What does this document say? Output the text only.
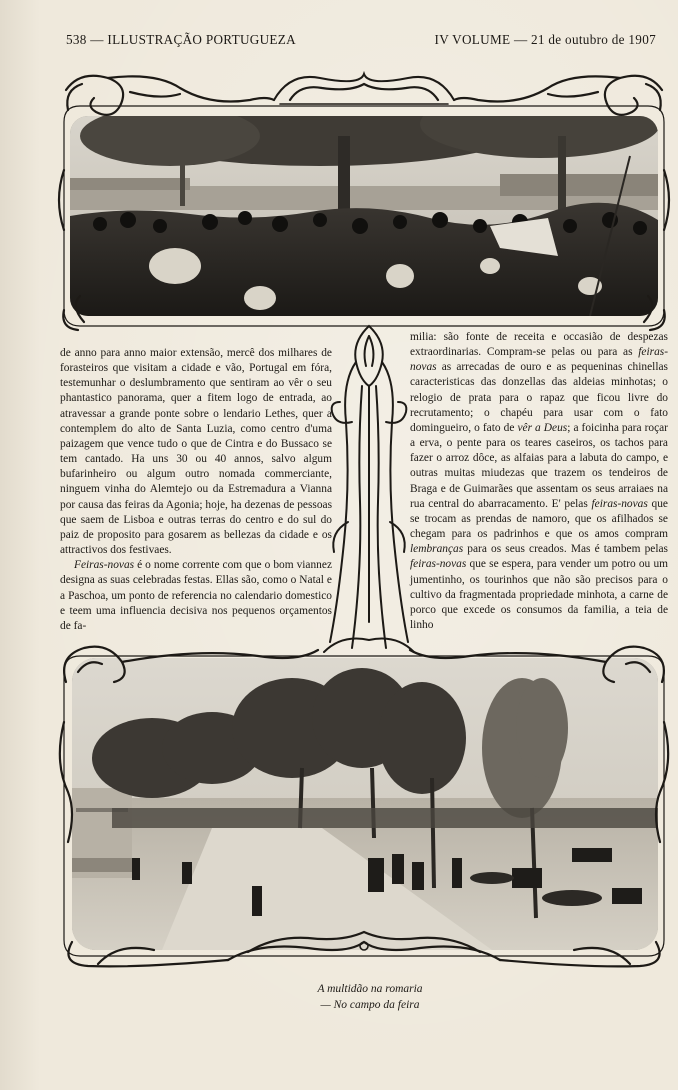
538 — ILLUSTRAÇÃO PORTUGUEZA	IV VOLUME — 21 de outubro de 1907

de anno para anno maior extensão, mercê dos milhares de forasteiros que visitam a cidade e vão, Portugal em fóra, testemunhar o deslumbramento que sentiram ao vêr o seu phantastico panorama, quer a fitem logo de entrada, ao atravessar a grande ponte sobre o lendario Lethes, quer a contemplem do alto de Santa Luzia, como centro d'uma paizagem que vence tudo o que de Cintra e do Bussaco se tem cantado. Ha uns 30 ou 40 annos, salvo algum bufarinheiro ou algum outro nomada commerciante, ninguem vinha do Alemtejo ou da Estremadura a Vianna por causa das feiras da Agonia; hoje, ha dezenas de pessoas que saem de Lisboa e outras terras do centro e do sul do paiz de proposito para gosarem as bellezas da cidade e os attractivos dos festivaes.

Feiras-novas é o nome corrente com que o bom viannez designa as suas celebradas festas. Ellas são, como o Natal e a Paschoa, um ponto de referencia no calendario domestico e teem uma influencia decisiva nos pequenos orçamentos de fa-

milia: são fonte de receita e occasião de despezas extraordinarias. Compram-se pelas ou para as feiras-novas as arrecadas de ouro e as pequeninas chinellas caracteristicas das donzellas das aldeias minhotas; o relogio de prata para o rapaz que ficou livre do recrutamento; o chapéu para usar com o fato domingueiro, o fato de vêr a Deus; a foicinha para roçar a erva, o pente para os teares caseiros, os tachos para fazer o arroz dôce, as alfaias para a labuta do campo, e outras muitas miudezas que trazem os tendeiros de Braga e de Guimarães que assentam os seus arraiaes na rua central do abarracamento. E' pelas feiras-novas que se trocam as prendas de namoro, que os afilhados se chegam para os padrinhos e que os amos compram lembranças para os seus creados. Mas é tambem pelas feiras-novas que se espera, para vender um potro ou um jumentinho, os tourinhos que não são precisos para o cultivo da fragmentada propriedade minhota, a carne de porco que excede os consumos da familia, a teia de linho

A multidão na romaria
— No campo da feira
